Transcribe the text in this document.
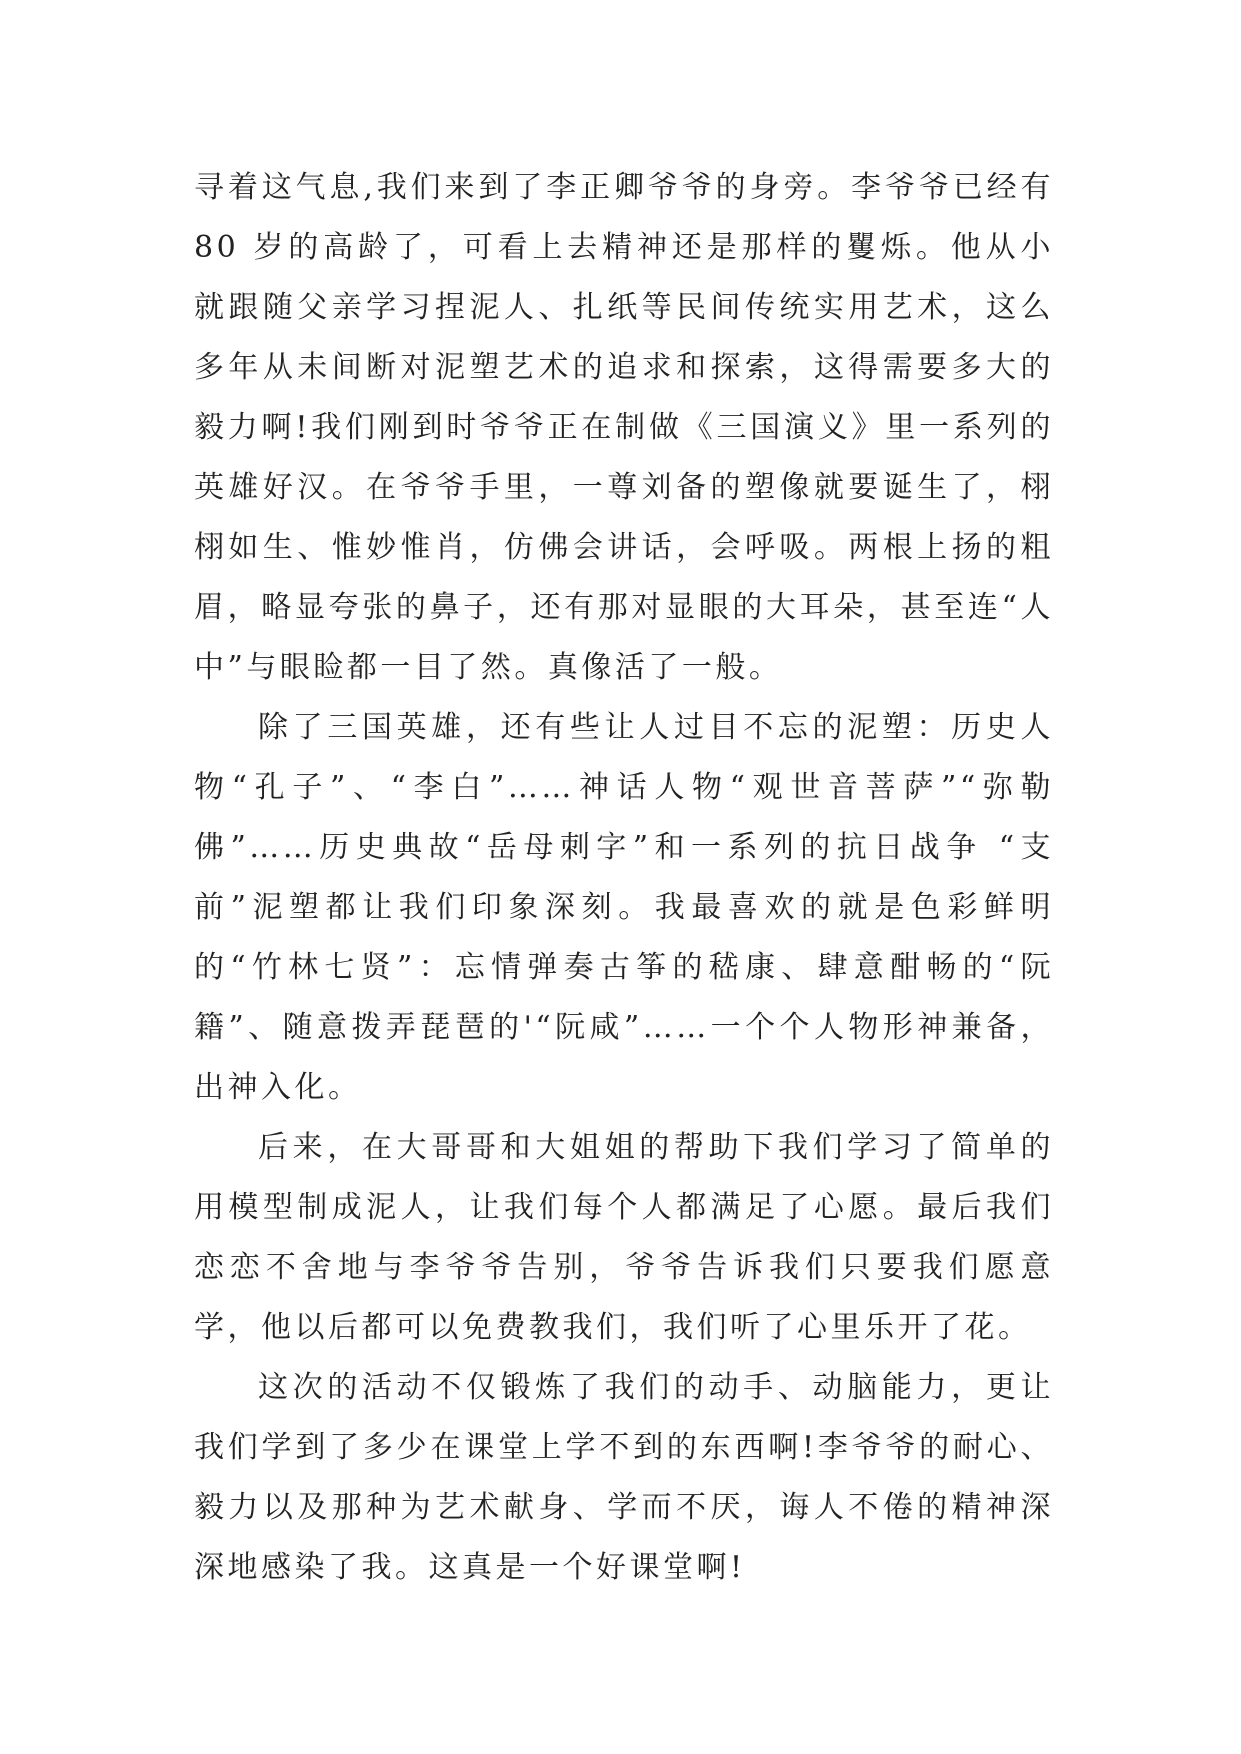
寻着这气息,我们来到了李正卿爷爷的身旁。李爷爷已经有 80 岁的高龄了，可看上去精神还是那样的矍烁。他从小就跟随父亲学习捏泥人、扎纸等民间传统实用艺术，这么多年从未间断对泥塑艺术的追求和探索，这得需要多大的毅力啊!我们刚到时爷爷正在制做《三国演义》里一系列的英雄好汉。在爷爷手里，一尊刘备的塑像就要诞生了，栩栩如生、惟妙惟肖，仿佛会讲话，会呼吸。两根上扬的粗眉，略显夸张的鼻子，还有那对显眼的大耳朵，甚至连“人中”与眼睑都一目了然。真像活了一般。

除了三国英雄，还有些让人过目不忘的泥塑：历史人物“孔子”、“李白”……神话人物“观世音菩萨”“弥勒佛”……历史典故“岳母刺字”和一系列的抗日战争 “支前”泥塑都让我们印象深刻。我最喜欢的就是色彩鲜明的“竹林七贤”：忘情弹奏古筝的嵇康、肆意酣畅的“阮籍”、随意拨弄琵琶的'“阮咸”……一个个人物形神兼备，出神入化。

后来，在大哥哥和大姐姐的帮助下我们学习了简单的用模型制成泥人，让我们每个人都满足了心愿。最后我们恋恋不舍地与李爷爷告别，爷爷告诉我们只要我们愿意学，他以后都可以免费教我们，我们听了心里乐开了花。

这次的活动不仅锻炼了我们的动手、动脑能力，更让我们学到了多少在课堂上学不到的东西啊!李爷爷的耐心、毅力以及那种为艺术献身、学而不厌，诲人不倦的精神深深地感染了我。这真是一个好课堂啊!
